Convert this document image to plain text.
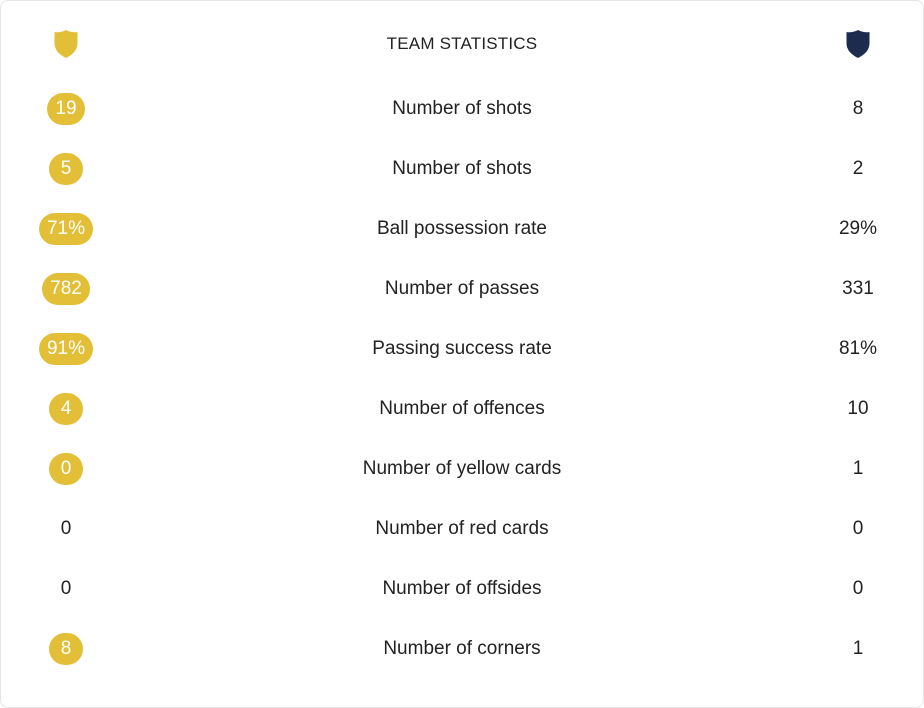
TEAM STATISTICS
19	Number of shots	8
5	Number of shots	2
71%	Ball possession rate	29%
782	Number of passes	331
91%	Passing success rate	81%
4	Number of offences	10
0	Number of yellow cards	1
0	Number of red cards	0
0	Number of offsides	0
8	Number of corners	1
